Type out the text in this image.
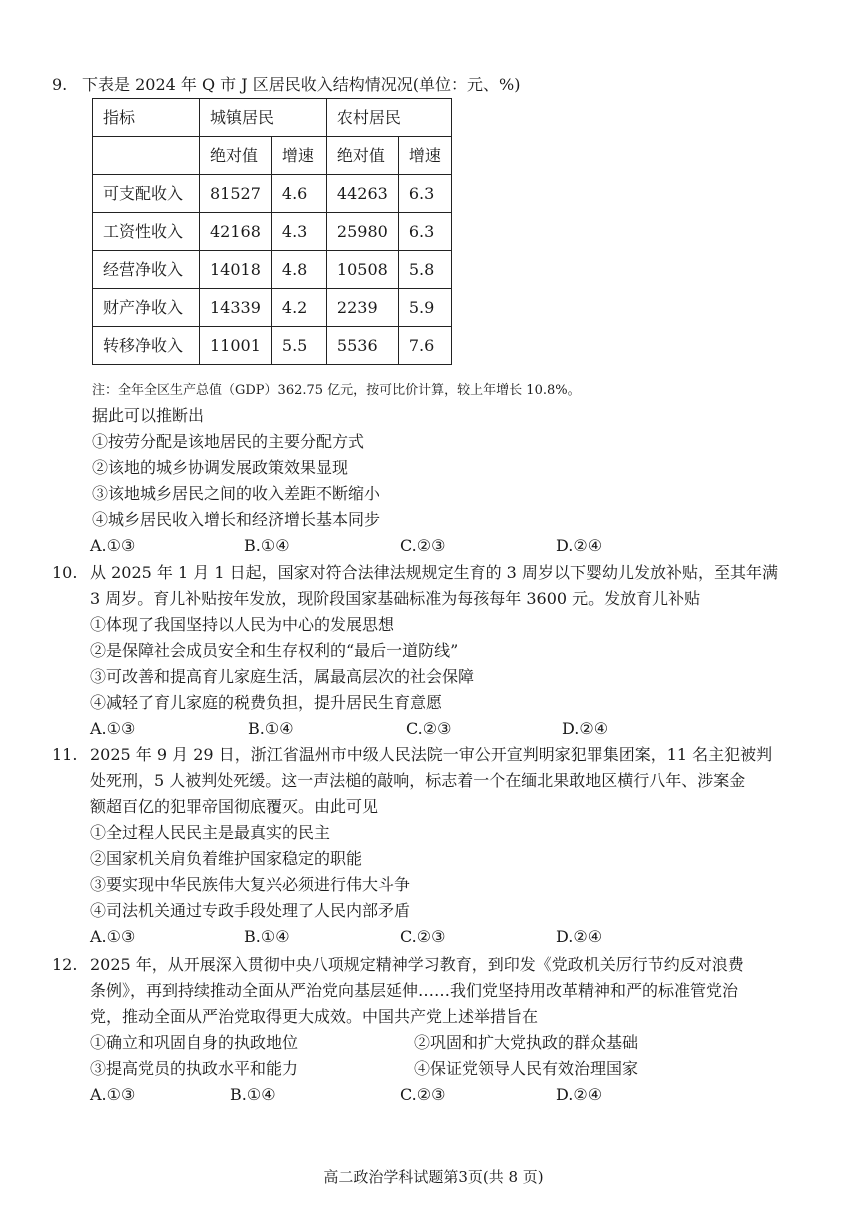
9. 下表是 2024 年 Q 市 J 区居民收入结构情况况(单位：元、%)
指标	城镇居民		农村居民	
	绝对值	增速	绝对值	增速
可支配收入	81527	4.6	44263	6.3
工资性收入	42168	4.3	25980	6.3
经营净收入	14018	4.8	10508	5.8
财产净收入	14339	4.2	2239	5.9
转移净收入	11001	5.5	5536	7.6
注：全年全区生产总值（GDP）362.75 亿元，按可比价计算，较上年增长 10.8%。
据此可以推断出
①按劳分配是该地居民的主要分配方式
②该地的城乡协调发展政策效果显现
③该地城乡居民之间的收入差距不断缩小
④城乡居民收入增长和经济增长基本同步
A.①③	B.①④	C.②③	D.②④
10. 从 2025 年 1 月 1 日起，国家对符合法律法规规定生育的 3 周岁以下婴幼儿发放补贴，至其年满
3 周岁。育儿补贴按年发放，现阶段国家基础标准为每孩每年 3600 元。发放育儿补贴
①体现了我国坚持以人民为中心的发展思想
②是保障社会成员安全和生存权利的“最后一道防线”
③可改善和提高育儿家庭生活，属最高层次的社会保障
④减轻了育儿家庭的税费负担，提升居民生育意愿
A.①③	B.①④	C.②③	D.②④
11. 2025 年 9 月 29 日，浙江省温州市中级人民法院一审公开宣判明家犯罪集团案，11 名主犯被判
处死刑，5 人被判处死缓。这一声法槌的敲响，标志着一个在缅北果敢地区横行八年、涉案金
额超百亿的犯罪帝国彻底覆灭。由此可见
①全过程人民民主是最真实的民主
②国家机关肩负着维护国家稳定的职能
③要实现中华民族伟大复兴必须进行伟大斗争
④司法机关通过专政手段处理了人民内部矛盾
A.①③	B.①④	C.②③	D.②④
12. 2025 年，从开展深入贯彻中央八项规定精神学习教育，到印发《党政机关厉行节约反对浪费
条例》，再到持续推动全面从严治党向基层延伸……我们党坚持用改革精神和严的标准管党治
党，推动全面从严治党取得更大成效。中国共产党上述举措旨在
①确立和巩固自身的执政地位	②巩固和扩大党执政的群众基础
③提高党员的执政水平和能力	④保证党领导人民有效治理国家
A.①③	B.①④	C.②③	D.②④
高二政治学科试题第3页(共 8 页)
